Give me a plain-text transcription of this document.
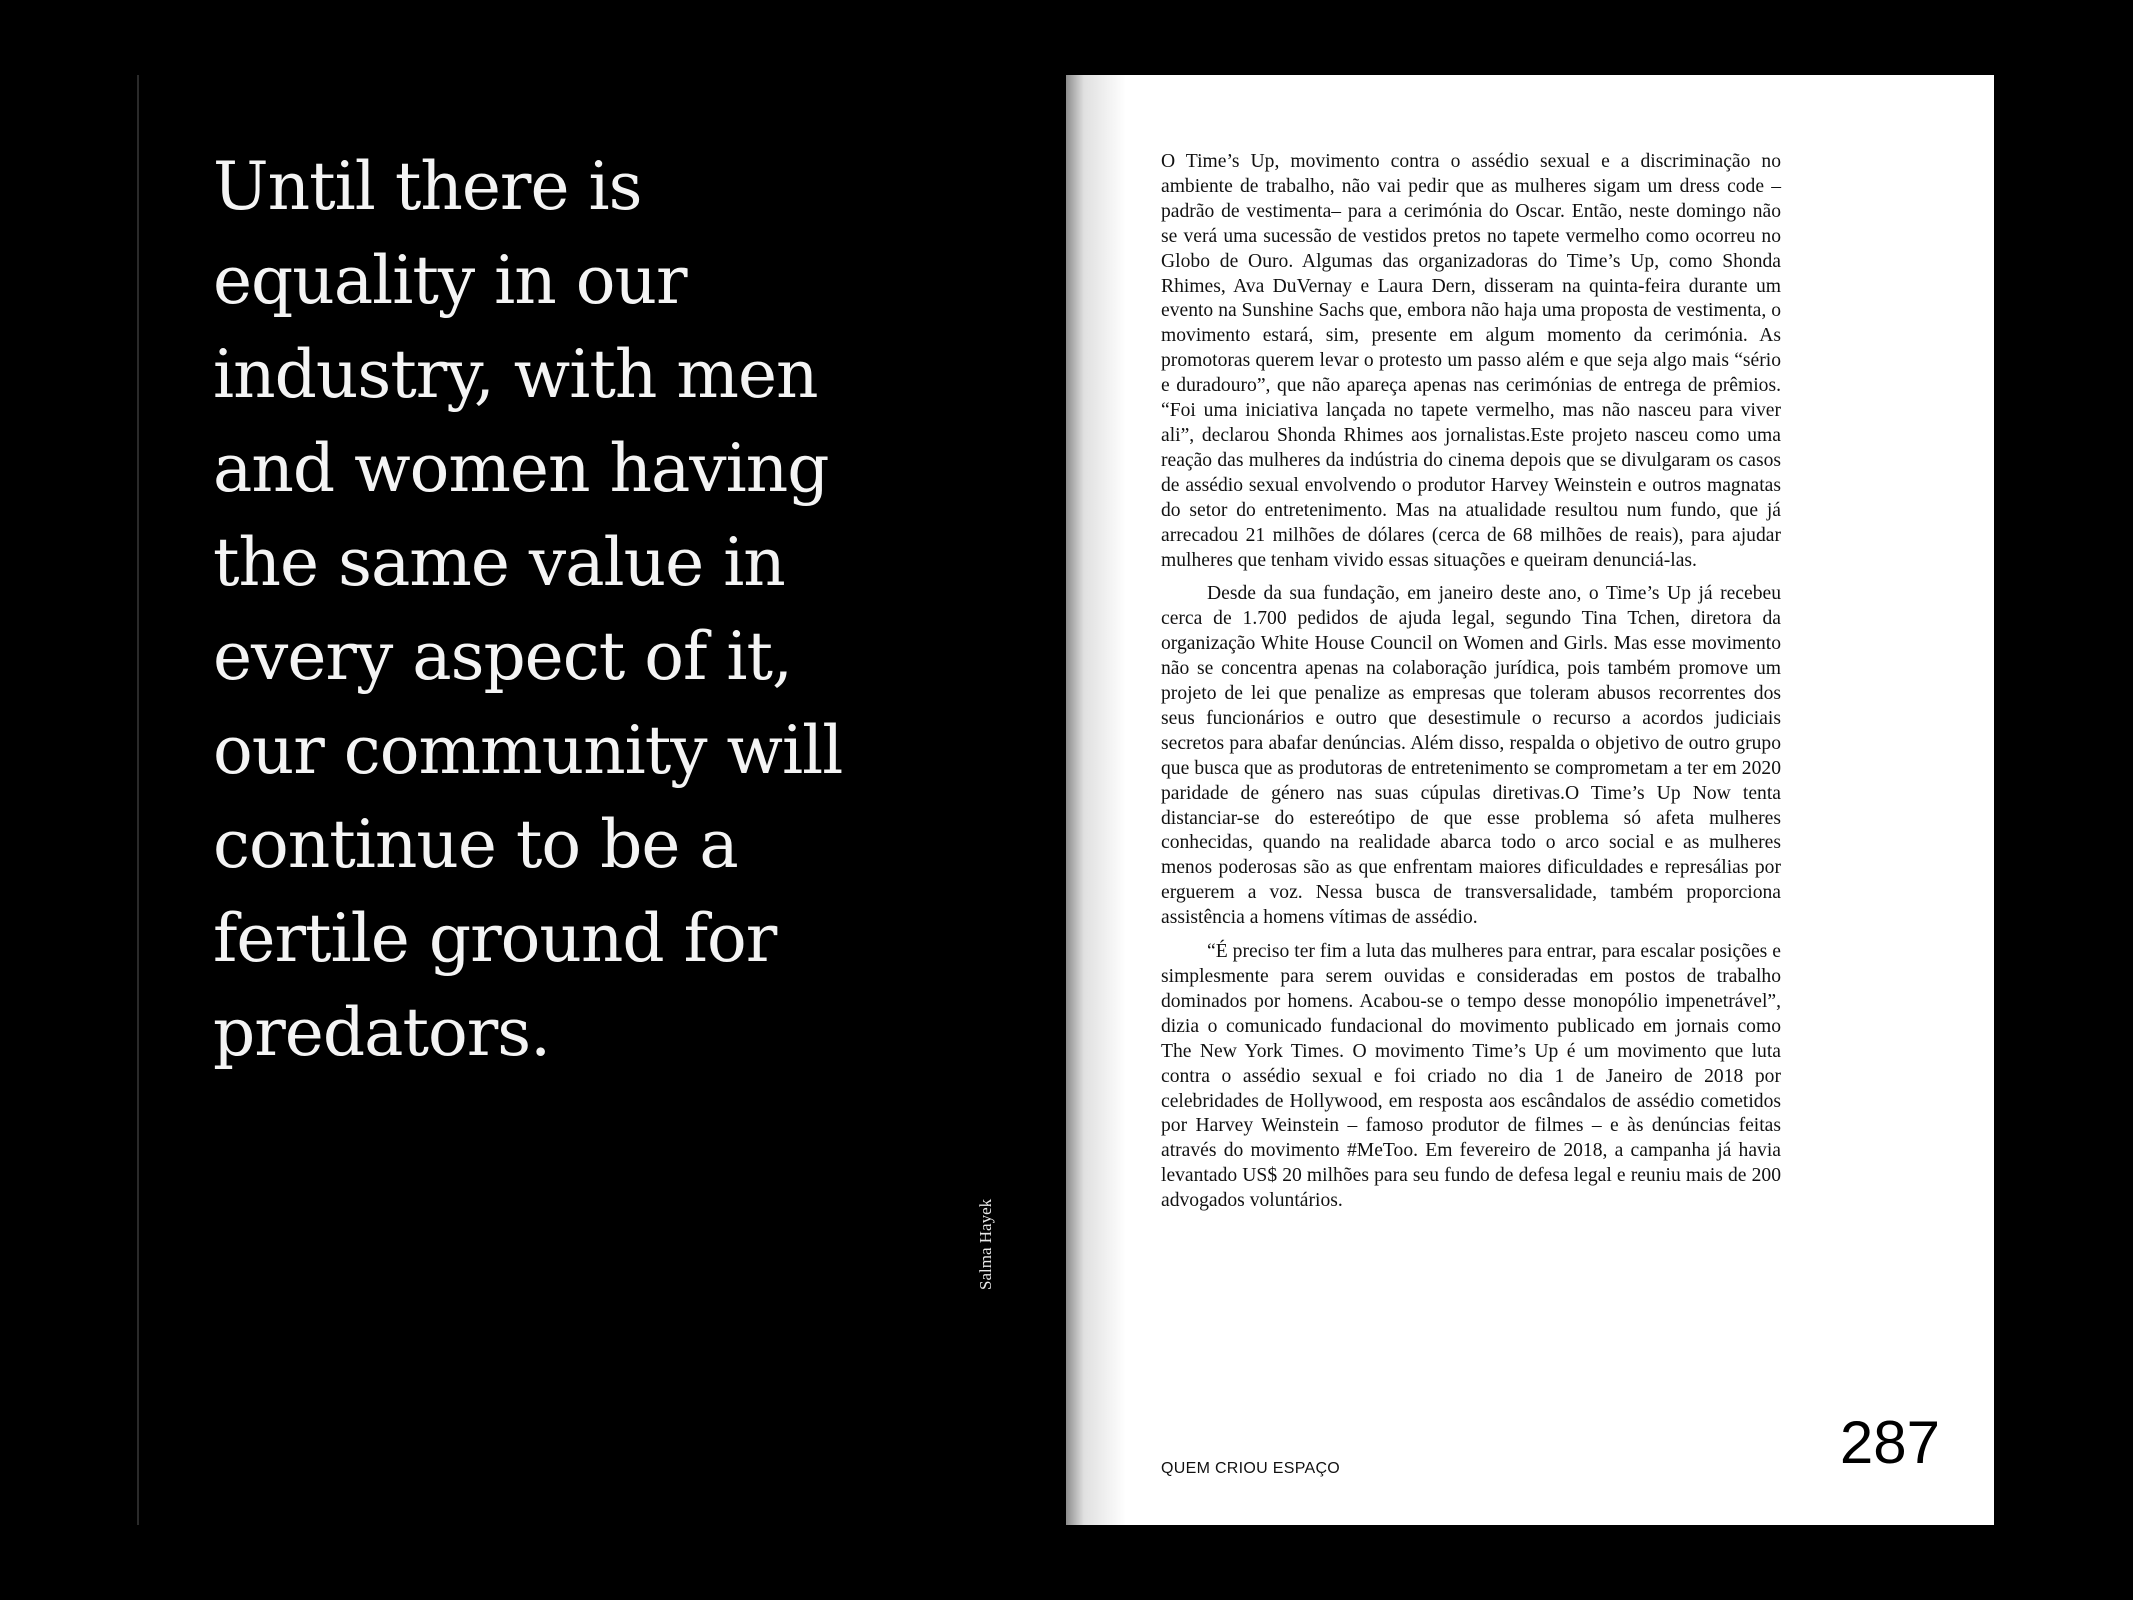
Until there is
equality in our
industry, with men
and women having
the same value in
every aspect of it,
our community will
continue to be a
fertile ground for
predators.
Salma Hayek

O Time’s Up, movimento contra o assédio sexual e a discriminação no ambiente de trabalho, não vai pedir que as mulheres sigam um dress code –padrão de vestimenta– para a cerimónia do Oscar. Então, neste domingo não se verá uma sucessão de vestidos pretos no tapete vermelho como ocorreu no Globo de Ouro. Algumas das organizadoras do Time’s Up, como Shonda Rhimes, Ava DuVernay e Laura Dern, disseram na quinta-feira durante um evento na Sunshine Sachs que, embora não haja uma proposta de vestimenta, o movimento estará, sim, presente em algum momento da cerimónia. As promotoras querem levar o protesto um passo além e que seja algo mais “sério e duradouro”, que não apareça apenas nas cerimónias de entrega de prêmios. “Foi uma iniciativa lançada no tapete vermelho, mas não nasceu para viver ali”, declarou Shonda Rhimes aos jornalistas.Este projeto nasceu como uma reação das mulheres da indústria do cinema depois que se divulgaram os casos de assédio sexual envolvendo o produtor Harvey Weinstein e outros magnatas do setor do entretenimento. Mas na atualidade resultou num fundo, que já arrecadou 21 milhões de dólares (cerca de 68 milhões de reais), para ajudar mulheres que tenham vivido essas situações e queiram denunciá-las.

Desde da sua fundação, em janeiro deste ano, o Time’s Up já recebeu cerca de 1.700 pedidos de ajuda legal, segundo Tina Tchen, diretora da organização White House Council on Women and Girls. Mas esse movimento não se concentra apenas na colaboração jurídica, pois também promove um projeto de lei que penalize as empresas que toleram abusos recorrentes dos seus funcionários e outro que desestimule o recurso a acordos judiciais secretos para abafar denúncias. Além disso, respalda o objetivo de outro grupo que busca que as produtoras de entretenimento se comprometam a ter em 2020 paridade de género nas suas cúpulas diretivas.O Time’s Up Now tenta distanciar-se do estereótipo de que esse problema só afeta mulheres conhecidas, quando na realidade abarca todo o arco social e as mulheres menos poderosas são as que enfrentam maiores dificuldades e represálias por erguerem a voz. Nessa busca de transversalidade, também proporciona assistência a homens vítimas de assédio.

“É preciso ter fim a luta das mulheres para entrar, para escalar posições e simplesmente para serem ouvidas e consideradas em postos de trabalho dominados por homens. Acabou-se o tempo desse monopólio impenetrável”, dizia o comunicado fundacional do movimento publicado em jornais como The New York Times. O movimento Time’s Up é um movimento que luta contra o assédio sexual e foi criado no dia 1 de Janeiro de 2018 por celebridades de Hollywood, em resposta aos escândalos de assédio cometidos por Harvey Weinstein – famoso produtor de filmes – e às denúncias feitas através do movimento #MeToo. Em fevereiro de 2018, a campanha já havia levantado US$ 20 milhões para seu fundo de defesa legal e reuniu mais de 200 advogados voluntários.

QUEM CRIOU ESPAÇO	287
